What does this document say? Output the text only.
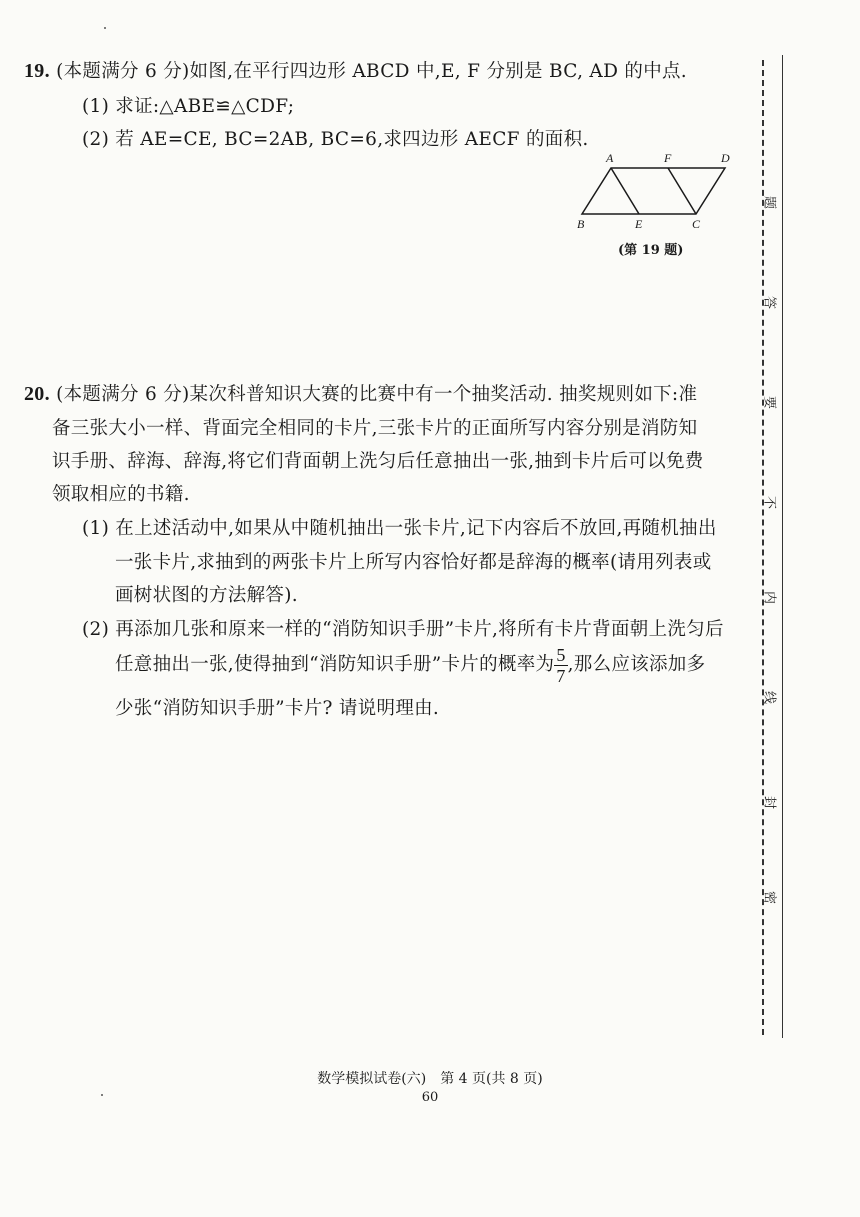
19. (本题满分 6 分)如图,在平行四边形 ABCD 中,E, F 分别是 BC, AD 的中点.
(1) 求证:△ABE≌△CDF;
(2) 若 AE=CE, BC=2AB, BC=6,求四边形 AECF 的面积.
A	F	D
B	E	C
(第 19 题)
20. (本题满分 6 分)某次科普知识大赛的比赛中有一个抽奖活动. 抽奖规则如下:准
备三张大小一样、背面完全相同的卡片,三张卡片的正面所写内容分别是消防知
识手册、辞海、辞海,将它们背面朝上洗匀后任意抽出一张,抽到卡片后可以免费
领取相应的书籍.
(1) 在上述活动中,如果从中随机抽出一张卡片,记下内容后不放回,再随机抽出
一张卡片,求抽到的两张卡片上所写内容恰好都是辞海的概率(请用列表或
画树状图的方法解答).
(2) 再添加几张和原来一样的“消防知识手册”卡片,将所有卡片背面朝上洗匀后
任意抽出一张,使得抽到“消防知识手册”卡片的概率为 $\frac{5}{7}$ ,那么应该添加多
少张“消防知识手册”卡片? 请说明理由.
题
答
要
不
内
线
封
密
数学模拟试卷(六)　第 4 页(共 8 页)
60
